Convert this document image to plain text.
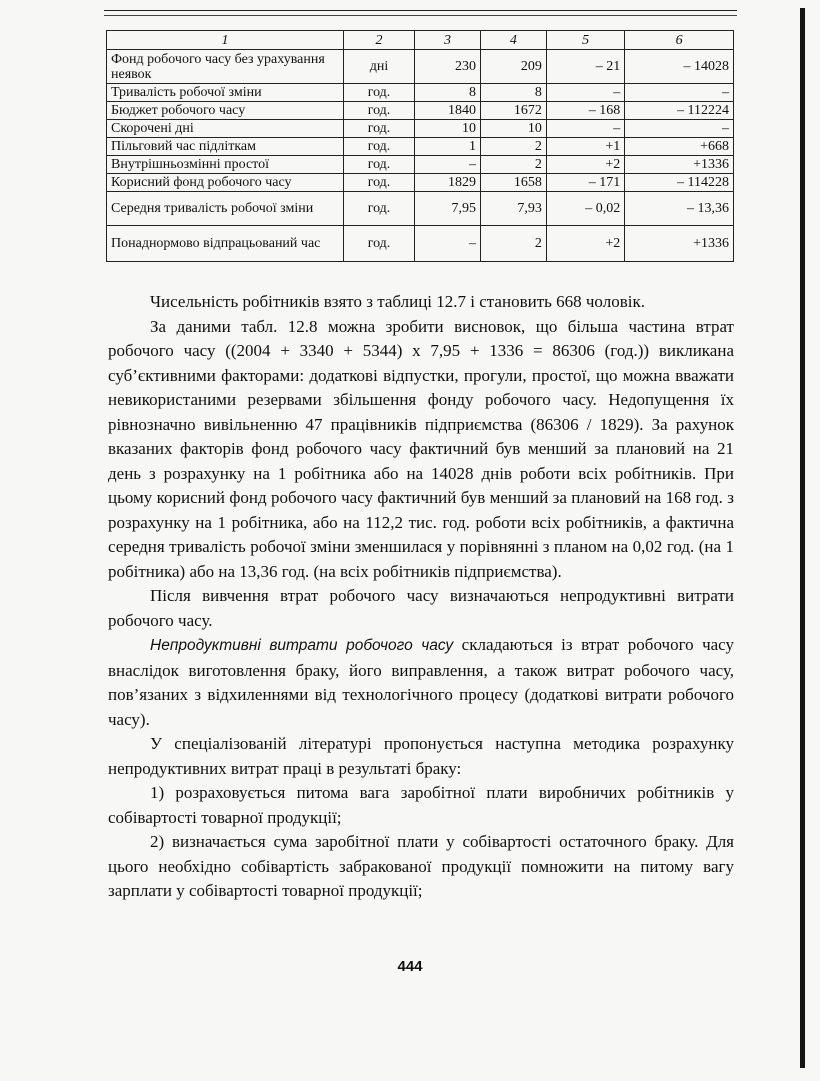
1	2	3	4	5	6
Фонд робочого часу без урахування неявок	дні	230	209	– 21	– 14028
Тривалість робочої зміни	год.	8	8	–	–
Бюджет робочого часу	год.	1840	1672	– 168	– 112224
Скорочені дні	год.	10	10	–	–
Пільговий час підліткам	год.	1	2	+1	+668
Внутрішньозмінні простої	год.	–	2	+2	+1336
Корисний фонд робочого часу	год.	1829	1658	– 171	– 114228
Середня тривалість робочої зміни	год.	7,95	7,93	– 0,02	– 13,36
Понаднормово відпрацьований час	год.	–	2	+2	+1336

Чисельність робітників взято з таблиці 12.7 і становить 668 чоловік.

За даними табл. 12.8 можна зробити висновок, що більша частина втрат робочого часу ((2004 + 3340 + 5344) х 7,95 + 1336 = 86306 (год.)) викликана суб’єктивними факторами: додаткові відпустки, прогули, простої, що можна вважати невикористаними резервами збільшення фонду робочого часу. Недопущення їх рівнозначно вивільненню 47 працівників підприємства (86306 / 1829). За рахунок вказаних факторів фонд робочого часу фактичний був менший за плановий на 21 день з розрахунку на 1 робітника або на 14028 днів роботи всіх робітників. При цьому корисний фонд робочого часу фактичний був менший за плановий на 168 год. з розрахунку на 1 робітника, або на 112,2 тис. год. роботи всіх робітників, а фактична середня тривалість робочої зміни зменшилася у порівнянні з планом на 0,02 год. (на 1 робітника) або на 13,36 год. (на всіх робітників підприємства).

Після вивчення втрат робочого часу визначаються непродуктивні витрати робочого часу.

Непродуктивні витрати робочого часу складаються із втрат робочого часу внаслідок виготовлення браку, його виправлення, а також витрат робочого часу, пов’язаних з відхиленнями від технологічного процесу (додаткові витрати робочого часу).

У спеціалізованій літературі пропонується наступна методика розрахунку непродуктивних витрат праці в результаті браку:

1) розраховується питома вага заробітної плати виробничих робітників у собівартості товарної продукції;

2) визначається сума заробітної плати у собівартості остаточного браку. Для цього необхідно собівартість забракованої продукції помножити на питому вагу зарплати у собівартості товарної продукції;

444
